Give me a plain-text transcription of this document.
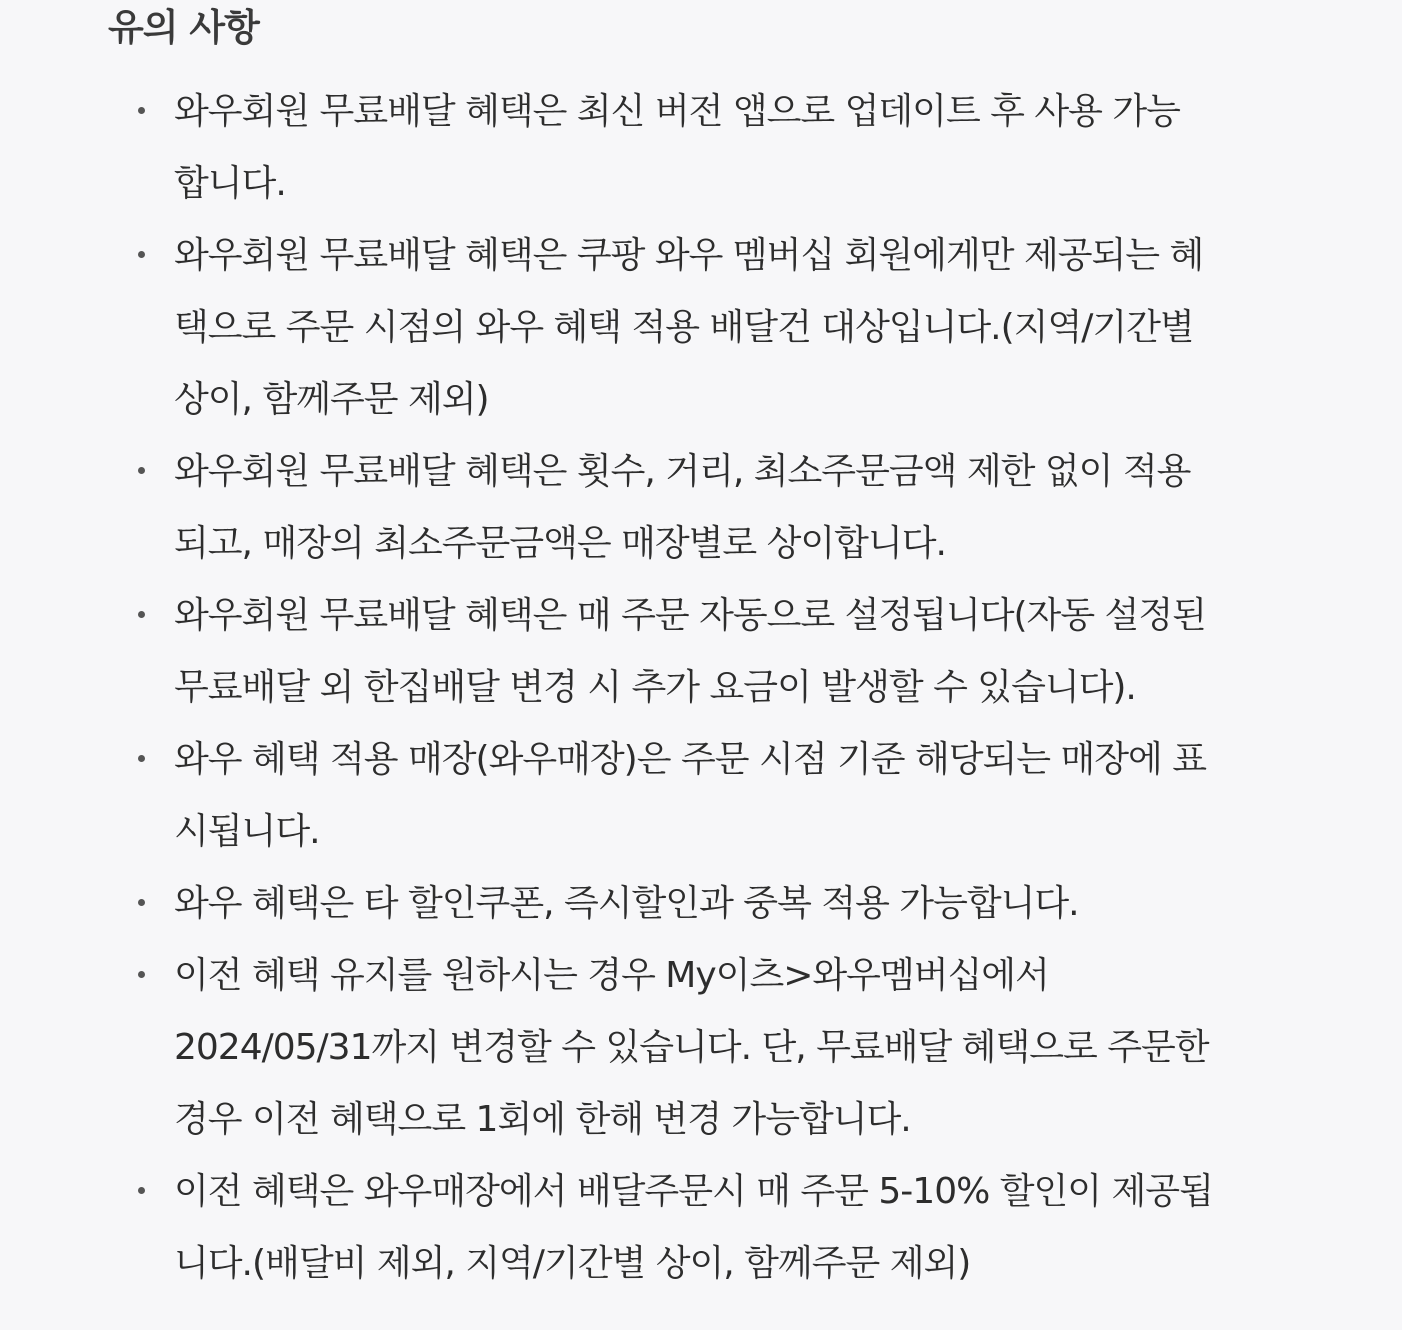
유의 사항
와우회원 무료배달 혜택은 최신 버전 앱으로 업데이트 후 사용 가능
합니다.
와우회원 무료배달 혜택은 쿠팡 와우 멤버십 회원에게만 제공되는 혜
택으로 주문 시점의 와우 혜택 적용 배달건 대상입니다.(지역/기간별
상이, 함께주문 제외)
와우회원 무료배달 혜택은 횟수, 거리, 최소주문금액 제한 없이 적용
되고, 매장의 최소주문금액은 매장별로 상이합니다.
와우회원 무료배달 혜택은 매 주문 자동으로 설정됩니다(자동 설정된
무료배달 외 한집배달 변경 시 추가 요금이 발생할 수 있습니다).
와우 혜택 적용 매장(와우매장)은 주문 시점 기준 해당되는 매장에 표
시됩니다.
와우 혜택은 타 할인쿠폰, 즉시할인과 중복 적용 가능합니다.
이전 혜택 유지를 원하시는 경우 My이츠>와우멤버십에서
2024/05/31까지 변경할 수 있습니다. 단, 무료배달 혜택으로 주문한
경우 이전 혜택으로 1회에 한해 변경 가능합니다.
이전 혜택은 와우매장에서 배달주문시 매 주문 5-10% 할인이 제공됩
니다.(배달비 제외, 지역/기간별 상이, 함께주문 제외)
